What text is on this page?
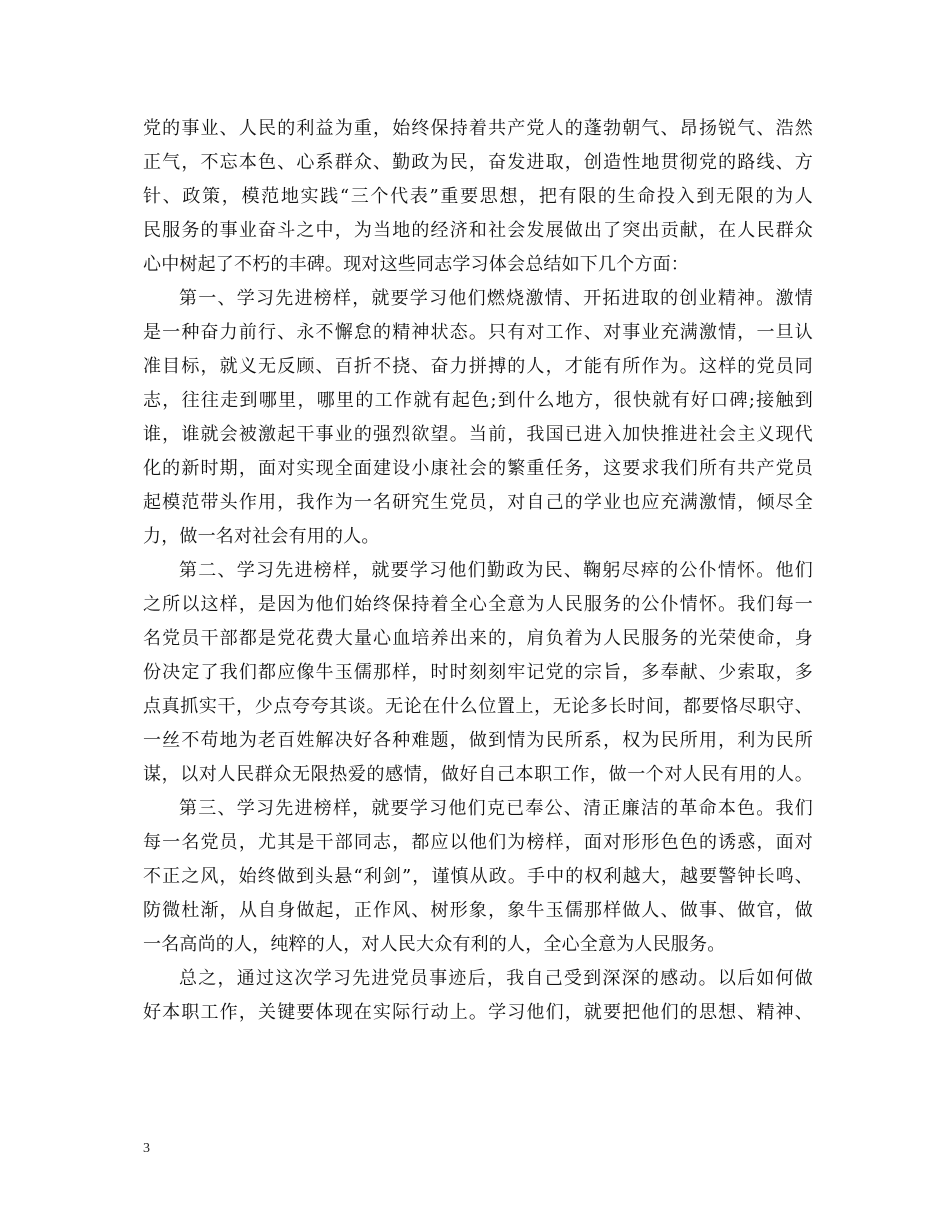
党的事业、人民的利益为重，始终保持着共产党人的蓬勃朝气、昂扬锐气、浩然
正气，不忘本色、心系群众、勤政为民，奋发进取，创造性地贯彻党的路线、方
针、政策，模范地实践“三个代表”重要思想，把有限的生命投入到无限的为人
民服务的事业奋斗之中，为当地的经济和社会发展做出了突出贡献，在人民群众
心中树起了不朽的丰碑。现对这些同志学习体会总结如下几个方面：
第一、学习先进榜样，就要学习他们燃烧激情、开拓进取的创业精神。激情
是一种奋力前行、永不懈怠的精神状态。只有对工作、对事业充满激情，一旦认
准目标，就义无反顾、百折不挠、奋力拼搏的人，才能有所作为。这样的党员同
志，往往走到哪里，哪里的工作就有起色;到什么地方，很快就有好口碑;接触到
谁，谁就会被激起干事业的强烈欲望。当前，我国已进入加快推进社会主义现代
化的新时期，面对实现全面建设小康社会的繁重任务，这要求我们所有共产党员
起模范带头作用，我作为一名研究生党员，对自己的学业也应充满激情，倾尽全
力，做一名对社会有用的人。
第二、学习先进榜样，就要学习他们勤政为民、鞠躬尽瘁的公仆情怀。他们
之所以这样，是因为他们始终保持着全心全意为人民服务的公仆情怀。我们每一
名党员干部都是党花费大量心血培养出来的，肩负着为人民服务的光荣使命，身
份决定了我们都应像牛玉儒那样，时时刻刻牢记党的宗旨，多奉献、少索取，多
点真抓实干，少点夸夸其谈。无论在什么位置上，无论多长时间，都要恪尽职守、
一丝不苟地为老百姓解决好各种难题，做到情为民所系，权为民所用，利为民所
谋，以对人民群众无限热爱的感情，做好自己本职工作，做一个对人民有用的人。
第三、学习先进榜样，就要学习他们克已奉公、清正廉洁的革命本色。我们
每一名党员，尤其是干部同志，都应以他们为榜样，面对形形色色的诱惑，面对
不正之风，始终做到头悬“利剑”，谨慎从政。手中的权利越大，越要警钟长鸣、
防微杜渐，从自身做起，正作风、树形象，象牛玉儒那样做人、做事、做官，做
一名高尚的人，纯粹的人，对人民大众有利的人，全心全意为人民服务。
总之，通过这次学习先进党员事迹后，我自己受到深深的感动。以后如何做
好本职工作，关键要体现在实际行动上。学习他们，就要把他们的思想、精神、
3
